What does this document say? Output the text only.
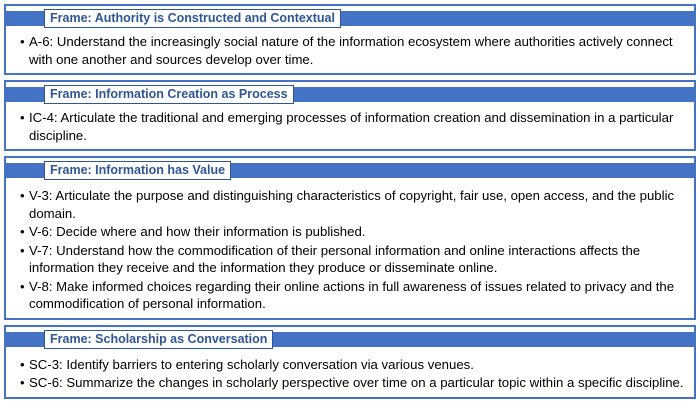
Frame: Authority is Constructed and Contextual
• A-6: Understand the increasingly social nature of the information ecosystem where authorities actively connect with one another and sources develop over time.
Frame: Information Creation as Process
• IC-4: Articulate the traditional and emerging processes of information creation and dissemination in a particular discipline.
Frame: Information has Value
• V-3: Articulate the purpose and distinguishing characteristics of copyright, fair use, open access, and the public domain.
• V-6: Decide where and how their information is published.
• V-7: Understand how the commodification of their personal information and online interactions affects the information they receive and the information they produce or disseminate online.
• V-8: Make informed choices regarding their online actions in full awareness of issues related to privacy and the commodification of personal information.
Frame: Scholarship as Conversation
• SC-3: Identify barriers to entering scholarly conversation via various venues.
• SC-6: Summarize the changes in scholarly perspective over time on a particular topic within a specific discipline.
